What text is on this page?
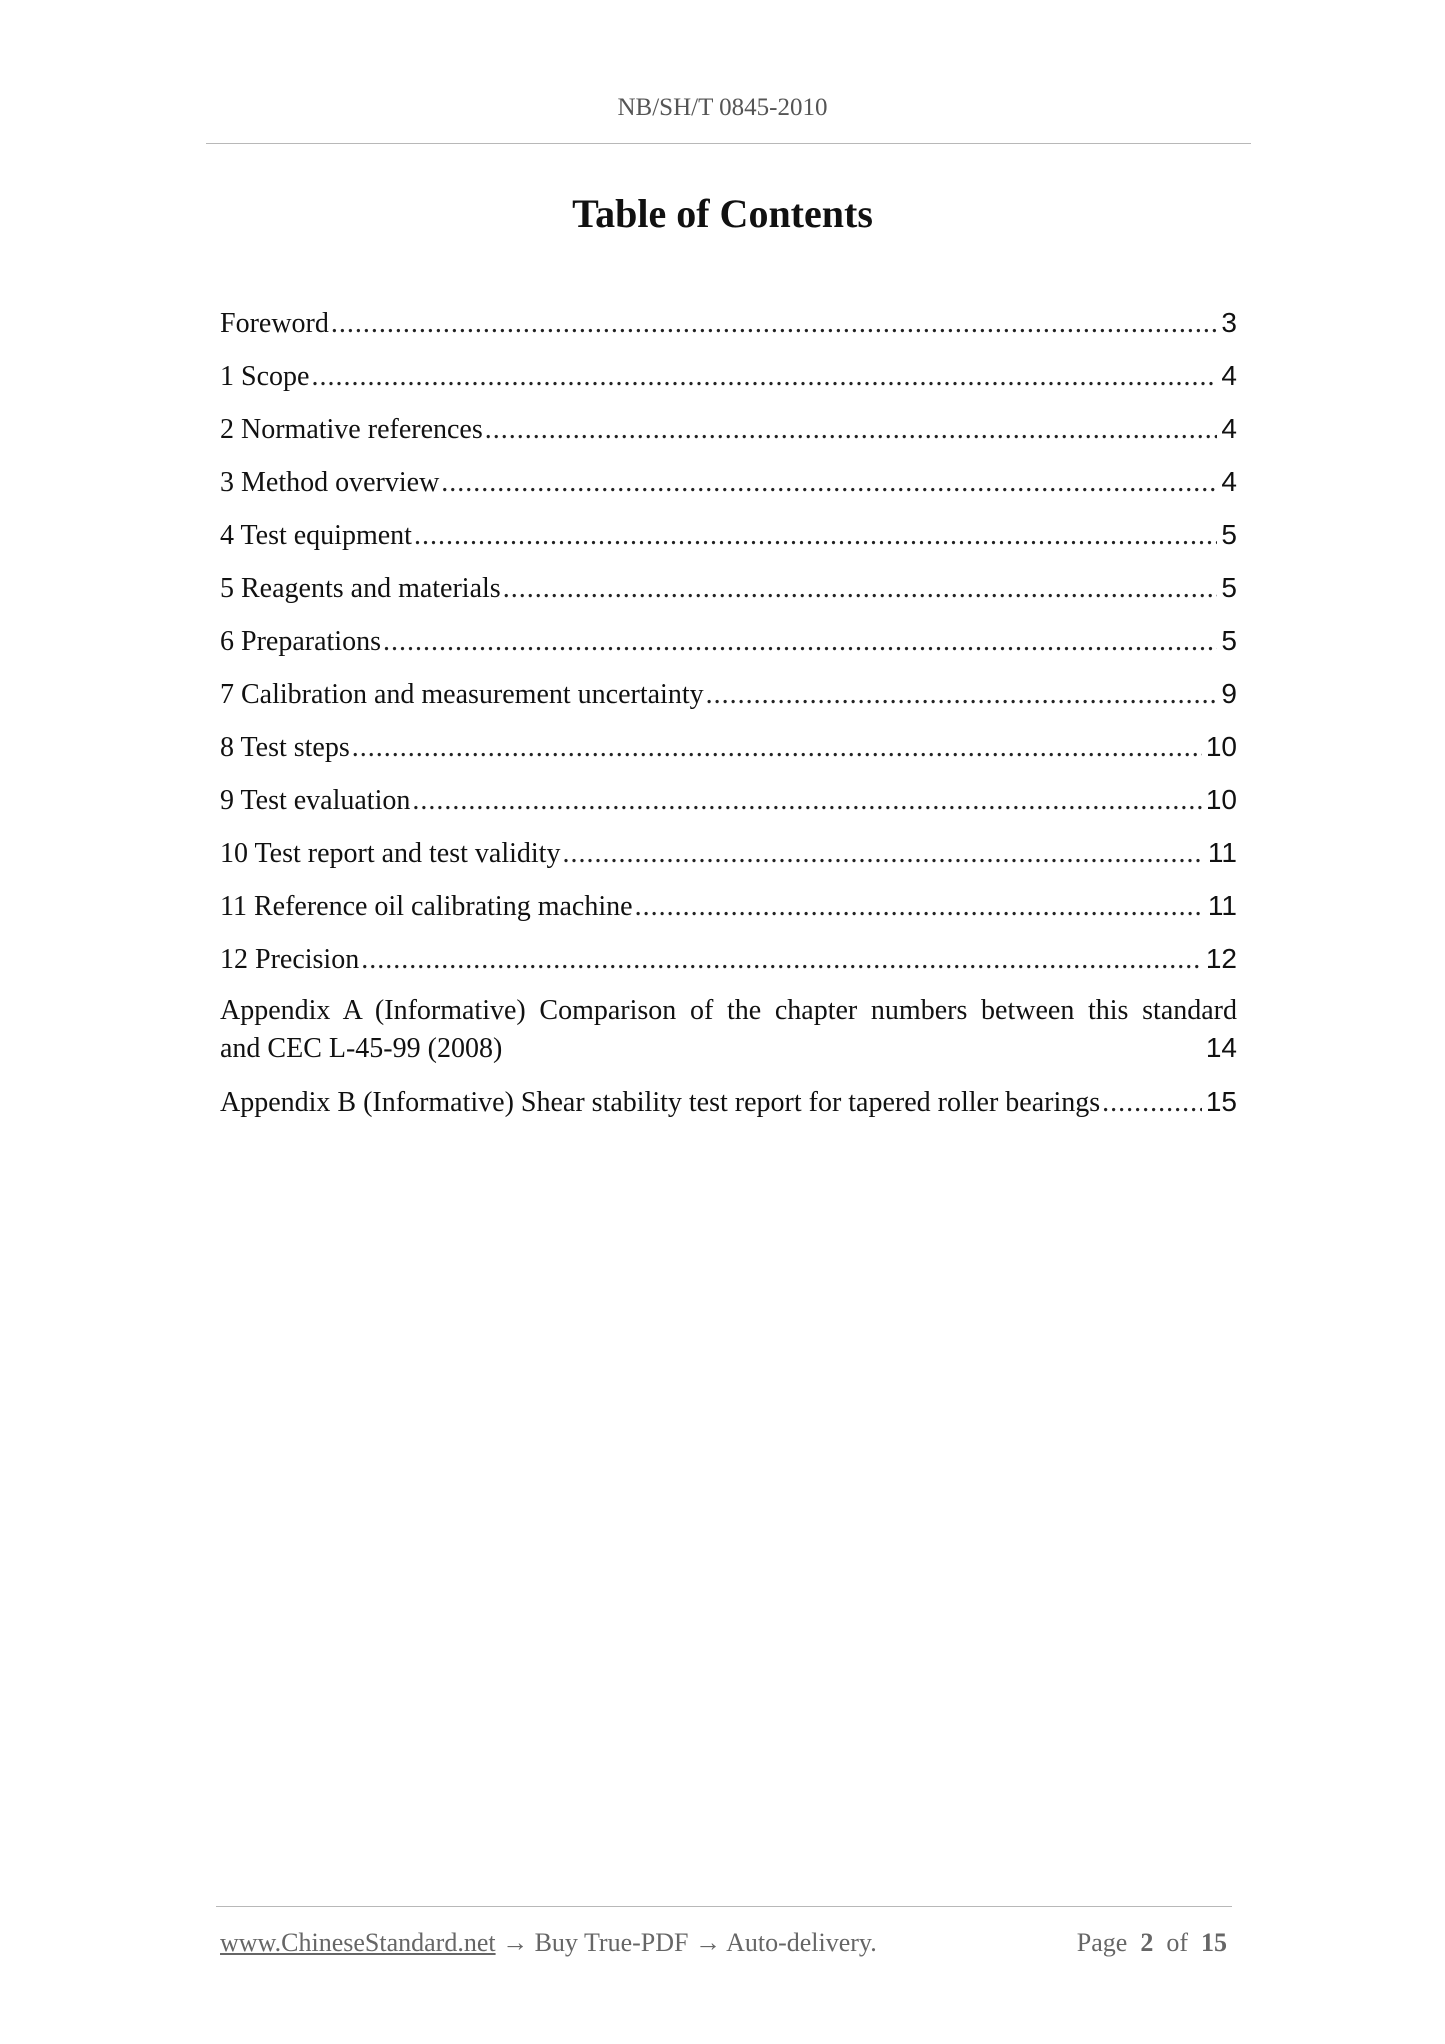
NB/SH/T 0845-2010
Table of Contents
Foreword . . .	3
1 Scope . . .	4
2 Normative references . . .	4
3 Method overview . . .	4
4 Test equipment . . .	5
5 Reagents and materials . . .	5
6 Preparations . . .	5
7 Calibration and measurement uncertainty . . .	9
8 Test steps . . .	10
9 Test evaluation . . .	10
10 Test report and test validity . . .	11
11 Reference oil calibrating machine . . .	11
12 Precision . . .	12
Appendix A (Informative) Comparison of the chapter numbers between this standard
and CEC L-45-99 (2008)	14
Appendix B (Informative) Shear stability test report for tapered roller bearings . . .	15
www.ChineseStandard.net → Buy True-PDF → Auto-delivery.	Page 2 of 15
